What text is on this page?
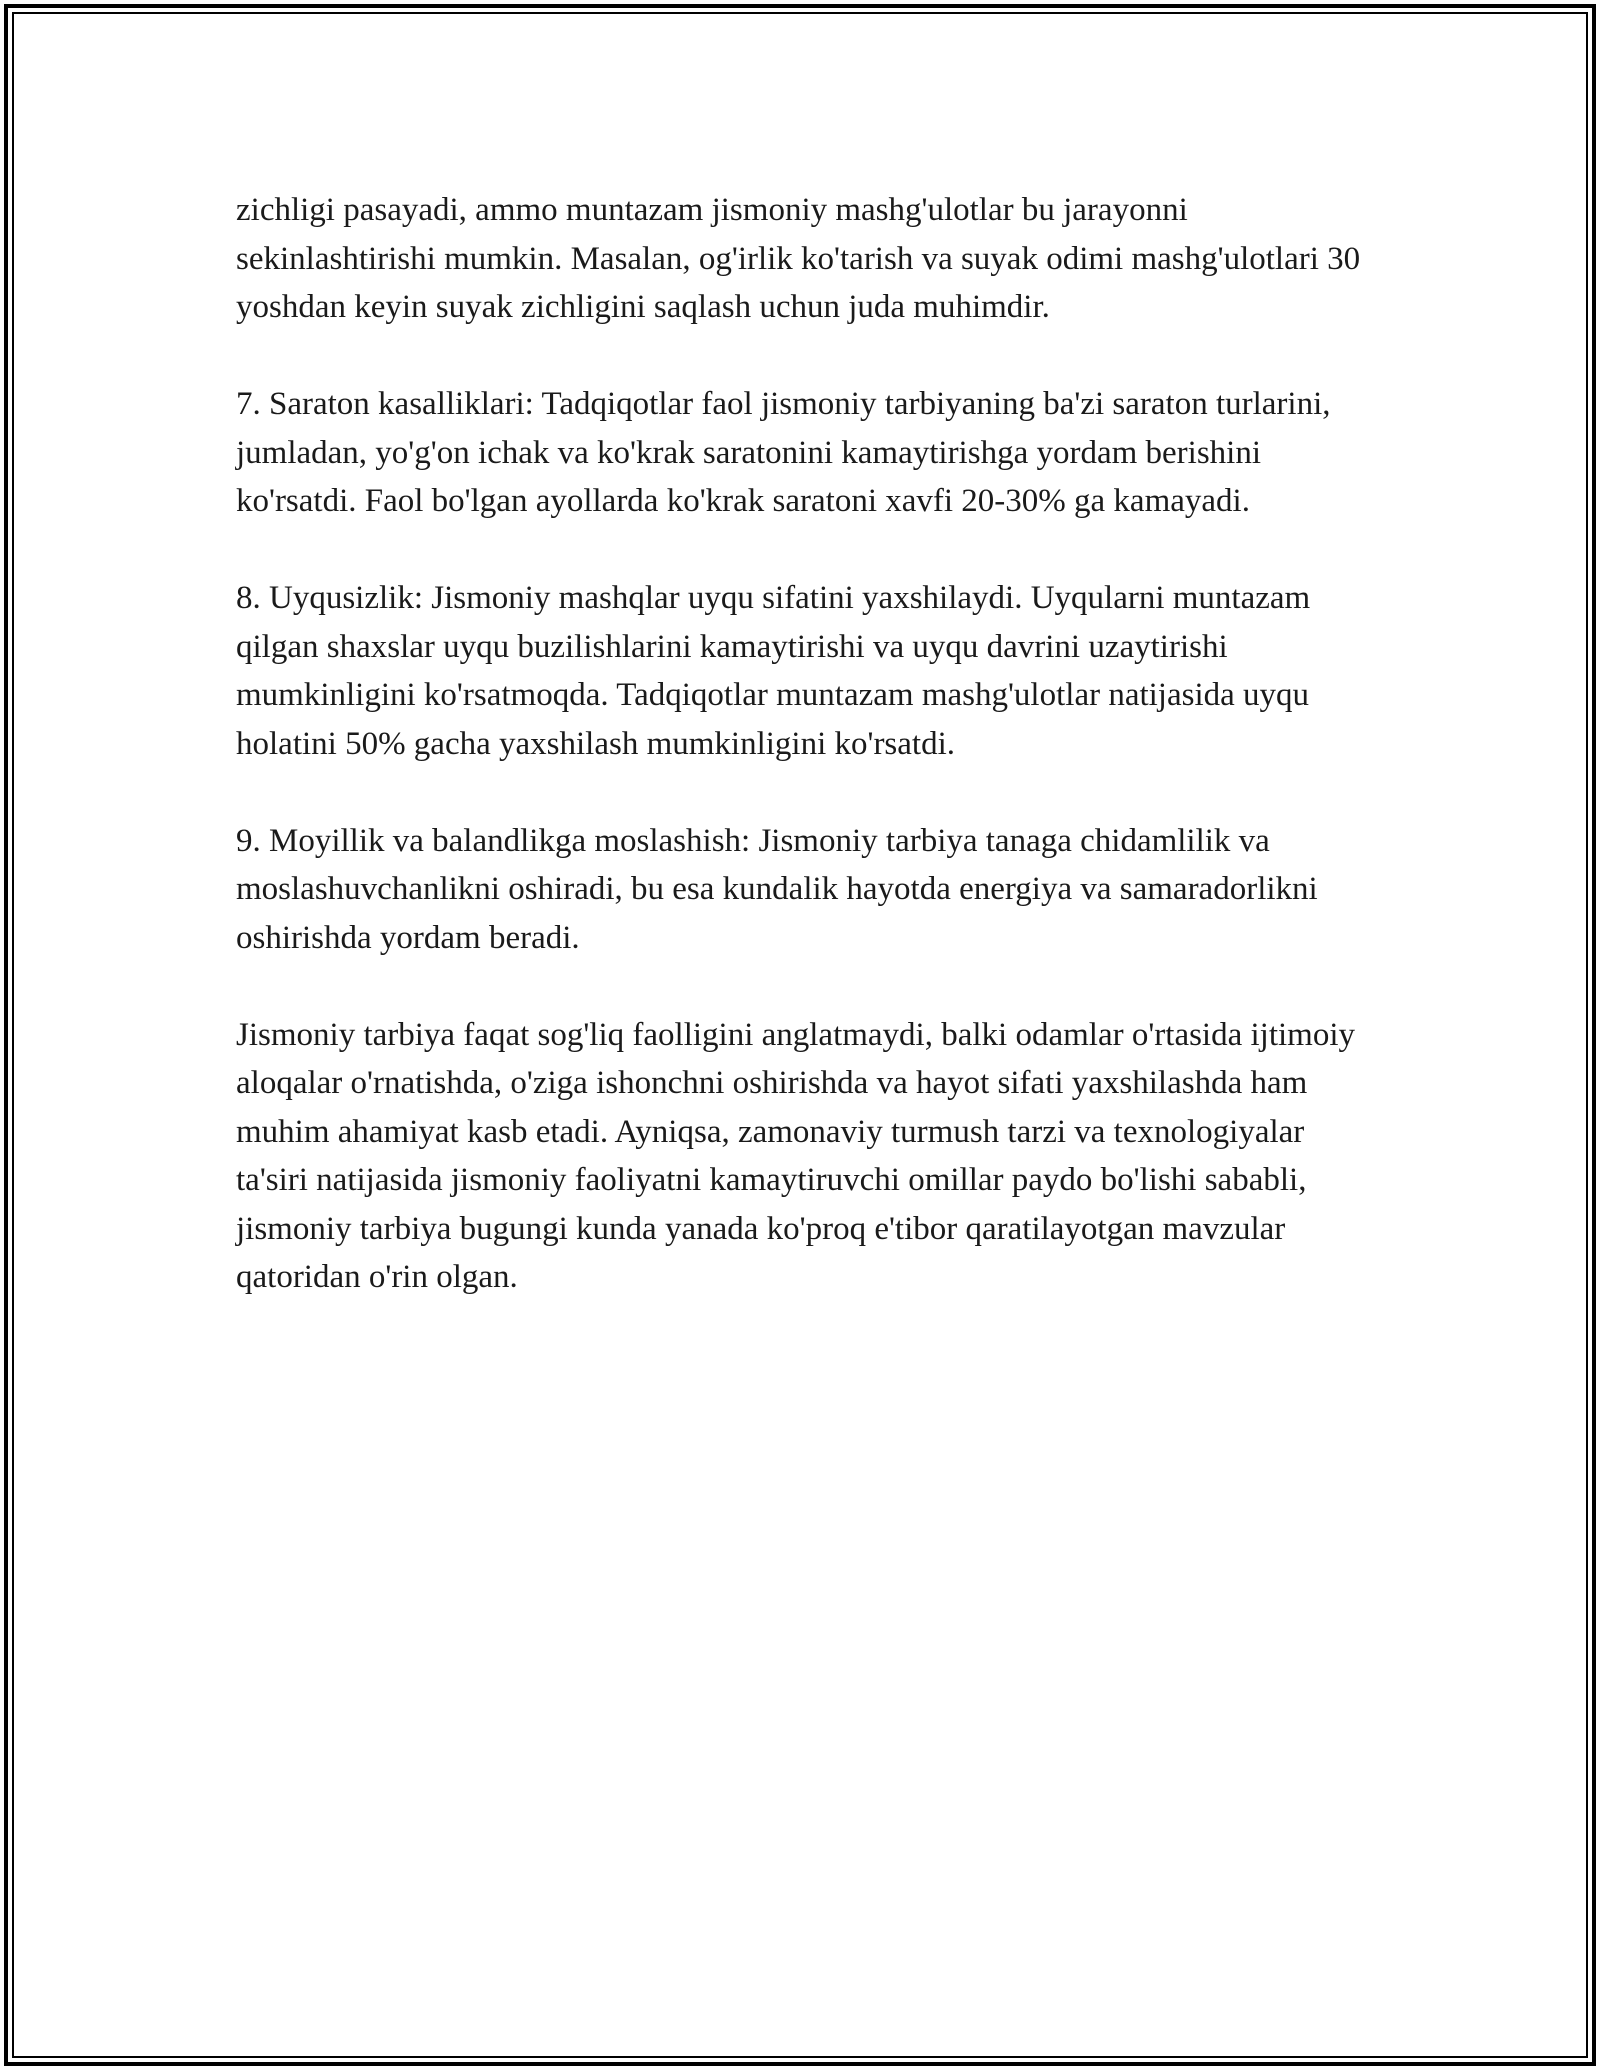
zichligi pasayadi, ammo muntazam jismoniy mashg'ulotlar bu jarayonni sekinlashtirishi mumkin. Masalan, og'irlik ko'tarish va suyak odimi mashg'ulotlari 30 yoshdan keyin suyak zichligini saqlash uchun juda muhimdir.

7. Saraton kasalliklari: Tadqiqotlar faol jismoniy tarbiyaning ba'zi saraton turlarini, jumladan, yo'g'on ichak va ko'krak saratonini kamaytirishga yordam berishini ko'rsatdi. Faol bo'lgan ayollarda ko'krak saratoni xavfi 20-30% ga kamayadi.

8. Uyqusizlik: Jismoniy mashqlar uyqu sifatini yaxshilaydi. Uyqularni muntazam qilgan shaxslar uyqu buzilishlarini kamaytirishi va uyqu davrini uzaytirishi mumkinligini ko'rsatmoqda. Tadqiqotlar muntazam mashg'ulotlar natijasida uyqu holatini 50% gacha yaxshilash mumkinligini ko'rsatdi.

9. Moyillik va balandlikga moslashish: Jismoniy tarbiya tanaga chidamlilik va moslashuvchanlikni oshiradi, bu esa kundalik hayotda energiya va samaradorlikni oshirishda yordam beradi.

Jismoniy tarbiya faqat sog'liq faolligini anglatmaydi, balki odamlar o'rtasida ijtimoiy aloqalar o'rnatishda, o'ziga ishonchni oshirishda va hayot sifati yaxshilashda ham muhim ahamiyat kasb etadi. Ayniqsa, zamonaviy turmush tarzi va texnologiyalar ta'siri natijasida jismoniy faoliyatni kamaytiruvchi omillar paydo bo'lishi sababli, jismoniy tarbiya bugungi kunda yanada ko'proq e'tibor qaratilayotgan mavzular qatoridan o'rin olgan.
